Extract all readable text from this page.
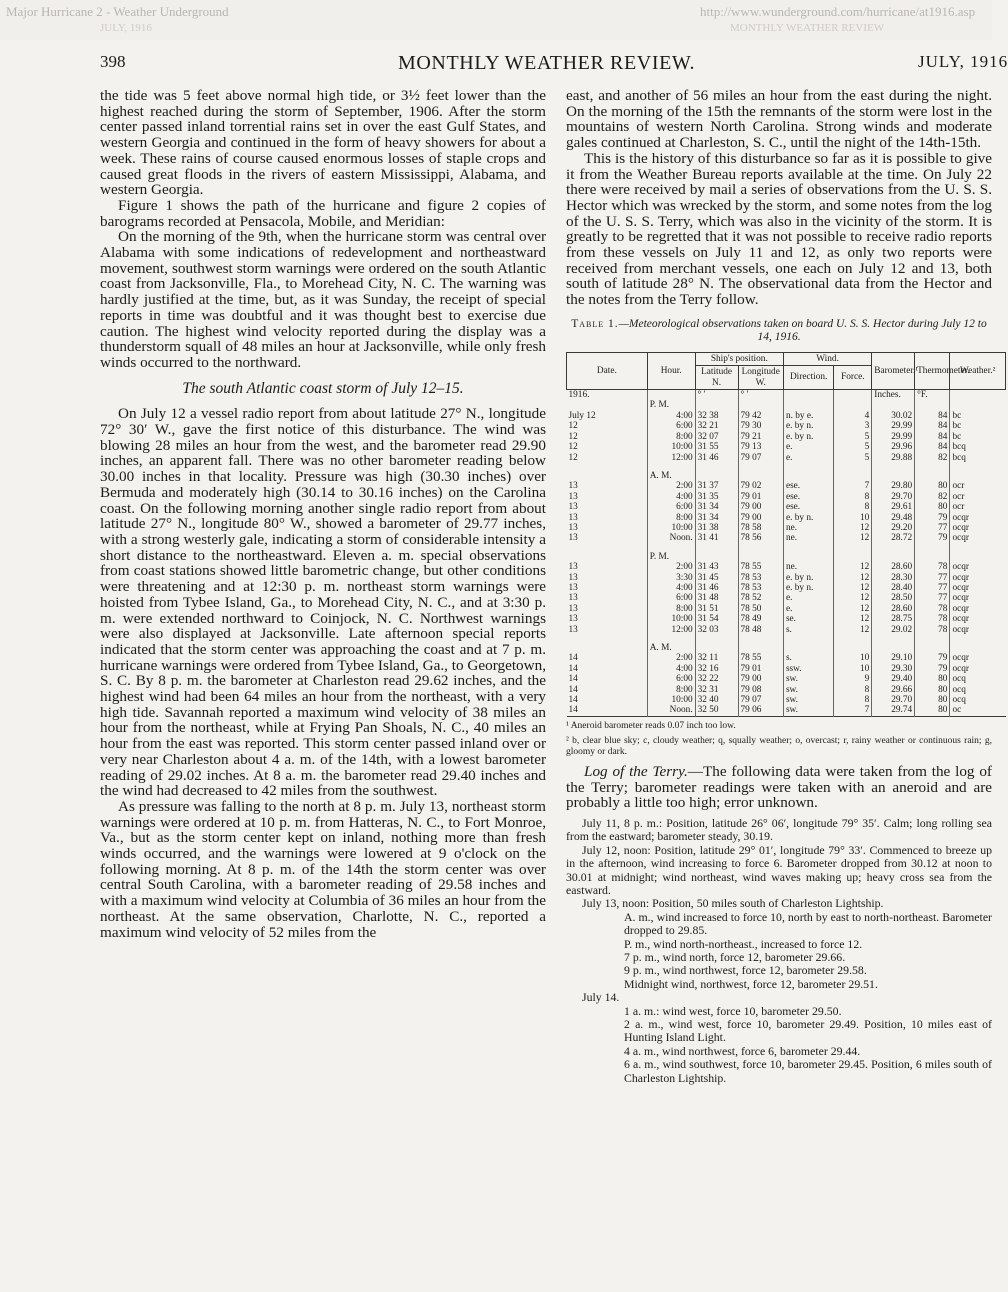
Major Hurricane 2 - Weather Underground	http://www.wunderground.com/hurricane/at1916.asp
JULY, 1916	MONTHLY WEATHER REVIEW
398	MONTHLY WEATHER REVIEW.	JULY, 1916

the tide was 5 feet above normal high tide, or 3½ feet lower than the highest reached during the storm of September, 1906. After the storm center passed inland torrential rains set in over the east Gulf States, and western Georgia and continued in the form of heavy showers for about a week. These rains of course caused enormous losses of staple crops and caused great floods in the rivers of eastern Mississippi, Alabama, and western Georgia.

Figure 1 shows the path of the hurricane and figure 2 copies of barograms recorded at Pensacola, Mobile, and Meridian:

On the morning of the 9th, when the hurricane storm was central over Alabama with some indications of redevelopment and northeastward movement, southwest storm warnings were ordered on the south Atlantic coast from Jacksonville, Fla., to Morehead City, N. C. The warning was hardly justified at the time, but, as it was Sunday, the receipt of special reports in time was doubtful and it was thought best to exercise due caution. The highest wind velocity reported during the display was a thunderstorm squall of 48 miles an hour at Jacksonville, while only fresh winds occurred to the northward.

The south Atlantic coast storm of July 12–15.

On July 12 a vessel radio report from about latitude 27° N., longitude 72° 30′ W., gave the first notice of this disturbance. The wind was blowing 28 miles an hour from the west, and the barometer read 29.90 inches, an apparent fall. There was no other barometer reading below 30.00 inches in that locality. Pressure was high (30.30 inches) over Bermuda and moderately high (30.14 to 30.16 inches) on the Carolina coast. On the following morning another single radio report from about latitude 27° N., longitude 80° W., showed a barometer of 29.77 inches, with a strong westerly gale, indicating a storm of considerable intensity a short distance to the northeastward. Eleven a. m. special observations from coast stations showed little barometric change, but other conditions were threatening and at 12:30 p. m. northeast storm warnings were hoisted from Tybee Island, Ga., to Morehead City, N. C., and at 3:30 p. m. were extended northward to Coinjock, N. C. Northwest warnings were also displayed at Jacksonville. Late afternoon special reports indicated that the storm center was approaching the coast and at 7 p. m. hurricane warnings were ordered from Tybee Island, Ga., to Georgetown, S. C. By 8 p. m. the barometer at Charleston read 29.62 inches, and the highest wind had been 64 miles an hour from the northeast, with a very high tide. Savannah reported a maximum wind velocity of 38 miles an hour from the northeast, while at Frying Pan Shoals, N. C., 40 miles an hour from the east was reported. This storm center passed inland over or very near Charleston about 4 a. m. of the 14th, with a lowest barometer reading of 29.02 inches. At 8 a. m. the barometer read 29.40 inches and the wind had decreased to 42 miles from the southwest.

As pressure was falling to the north at 8 p. m. July 13, northeast storm warnings were ordered at 10 p. m. from Hatteras, N. C., to Fort Monroe, Va., but as the storm center kept on inland, nothing more than fresh winds occurred, and the warnings were lowered at 9 o'clock on the following morning. At 8 p. m. of the 14th the storm center was over central South Carolina, with a barometer reading of 29.58 inches and with a maximum wind velocity at Columbia of 36 miles an hour from the northeast. At the same observation, Charlotte, N. C., reported a maximum wind velocity of 52 miles from the

east, and another of 56 miles an hour from the east during the night. On the morning of the 15th the remnants of the storm were lost in the mountains of western North Carolina. Strong winds and moderate gales continued at Charleston, S. C., until the night of the 14th-15th.

This is the history of this disturbance so far as it is possible to give it from the Weather Bureau reports available at the time. On July 22 there were received by mail a series of observations from the U. S. S. Hector which was wrecked by the storm, and some notes from the log of the U. S. S. Terry, which was also in the vicinity of the storm. It is greatly to be regretted that it was not possible to receive radio reports from these vessels on July 11 and 12, as only two reports were received from merchant vessels, one each on July 12 and 13, both south of latitude 28° N. The observational data from the Hector and the notes from the Terry follow.

Table 1.—Meteorological observations taken on board U. S. S. Hector during July 12 to 14, 1916.
Date.	Hour.	Ship's position.		Wind.		Barometer.¹	Thermometer.	Weather.²
		Latitude N.	Longitude W.	Direction.	Force.			
1916.		° ′	° ′			Inches.	°F.	
	P. M.							
July 12	4:00	32 38	79 42	n. by e.	4	30.02	84	bc
12	6:00	32 21	79 30	e. by n.	3	29.99	84	bc
12	8:00	32 07	79 21	e. by n.	5	29.99	84	bc
12	10:00	31 55	79 13	e.	5	29.96	84	bcq
12	12:00	31 46	79 07	e.	5	29.88	82	bcq

	A. M.							
13	2:00	31 37	79 02	ese.	7	29.80	80	ocr
13	4:00	31 35	79 01	ese.	8	29.70	82	ocr
13	6:00	31 34	79 00	ese.	8	29.61	80	ocr
13	8:00	31 34	79 00	e. by n.	10	29.48	79	ocqr
13	10:00	31 38	78 58	ne.	12	29.20	77	ocqr
13	Noon.	31 41	78 56	ne.	12	28.72	79	ocqr

	P. M.							
13	2:00	31 43	78 55	ne.	12	28.60	78	ocqr
13	3:30	31 45	78 53	e. by n.	12	28.30	77	ocqr
13	4:00	31 46	78 53	e. by n.	12	28.40	77	ocqr
13	6:00	31 48	78 52	e.	12	28.50	77	ocqr
13	8:00	31 51	78 50	e.	12	28.60	78	ocqr
13	10:00	31 54	78 49	se.	12	28.75	78	ocqr
13	12:00	32 03	78 48	s.	12	29.02	78	ocqr

	A. M.							
14	2:00	32 11	78 55	s.	10	29.10	79	ocqr
14	4:00	32 16	79 01	ssw.	10	29.30	79	ocqr
14	6:00	32 22	79 00	sw.	9	29.40	80	ocq
14	8:00	32 31	79 08	sw.	8	29.66	80	ocq
14	10:00	32 40	79 07	sw.	8	29.70	80	ocq
14	Noon.	32 50	79 06	sw.	7	29.74	80	oc
¹ Aneroid barometer reads 0.07 inch too low.
² b, clear blue sky; c, cloudy weather; q, squally weather; o, overcast; r, rainy weather or continuous rain; g, gloomy or dark.

Log of the Terry.—The following data were taken from the log of the Terry; barometer readings were taken with an aneroid and are probably a little too high; error unknown.

July 11, 8 p. m.: Position, latitude 26° 06′, longitude 79° 35′. Calm; long rolling sea from the eastward; barometer steady, 30.19.

July 12, noon: Position, latitude 29° 01′, longitude 79° 33′. Commenced to breeze up in the afternoon, wind increasing to force 6. Barometer dropped from 30.12 at noon to 30.01 at midnight; wind northeast, wind waves making up; heavy cross sea from the eastward.

July 13, noon: Position, 50 miles south of Charleston Lightship.

A. m., wind increased to force 10, north by east to north-northeast. Barometer dropped to 29.85.

P. m., wind north-northeast., increased to force 12.

7 p. m., wind north, force 12, barometer 29.66.

9 p. m., wind northwest, force 12, barometer 29.58.

Midnight wind, northwest, force 12, barometer 29.51.

July 14.

1 a. m.: wind west, force 10, barometer 29.50.

2 a. m., wind west, force 10, barometer 29.49. Position, 10 miles east of Hunting Island Light.

4 a. m., wind northwest, force 6, barometer 29.44.

6 a. m., wind southwest, force 10, barometer 29.45. Position, 6 miles south of Charleston Lightship.
